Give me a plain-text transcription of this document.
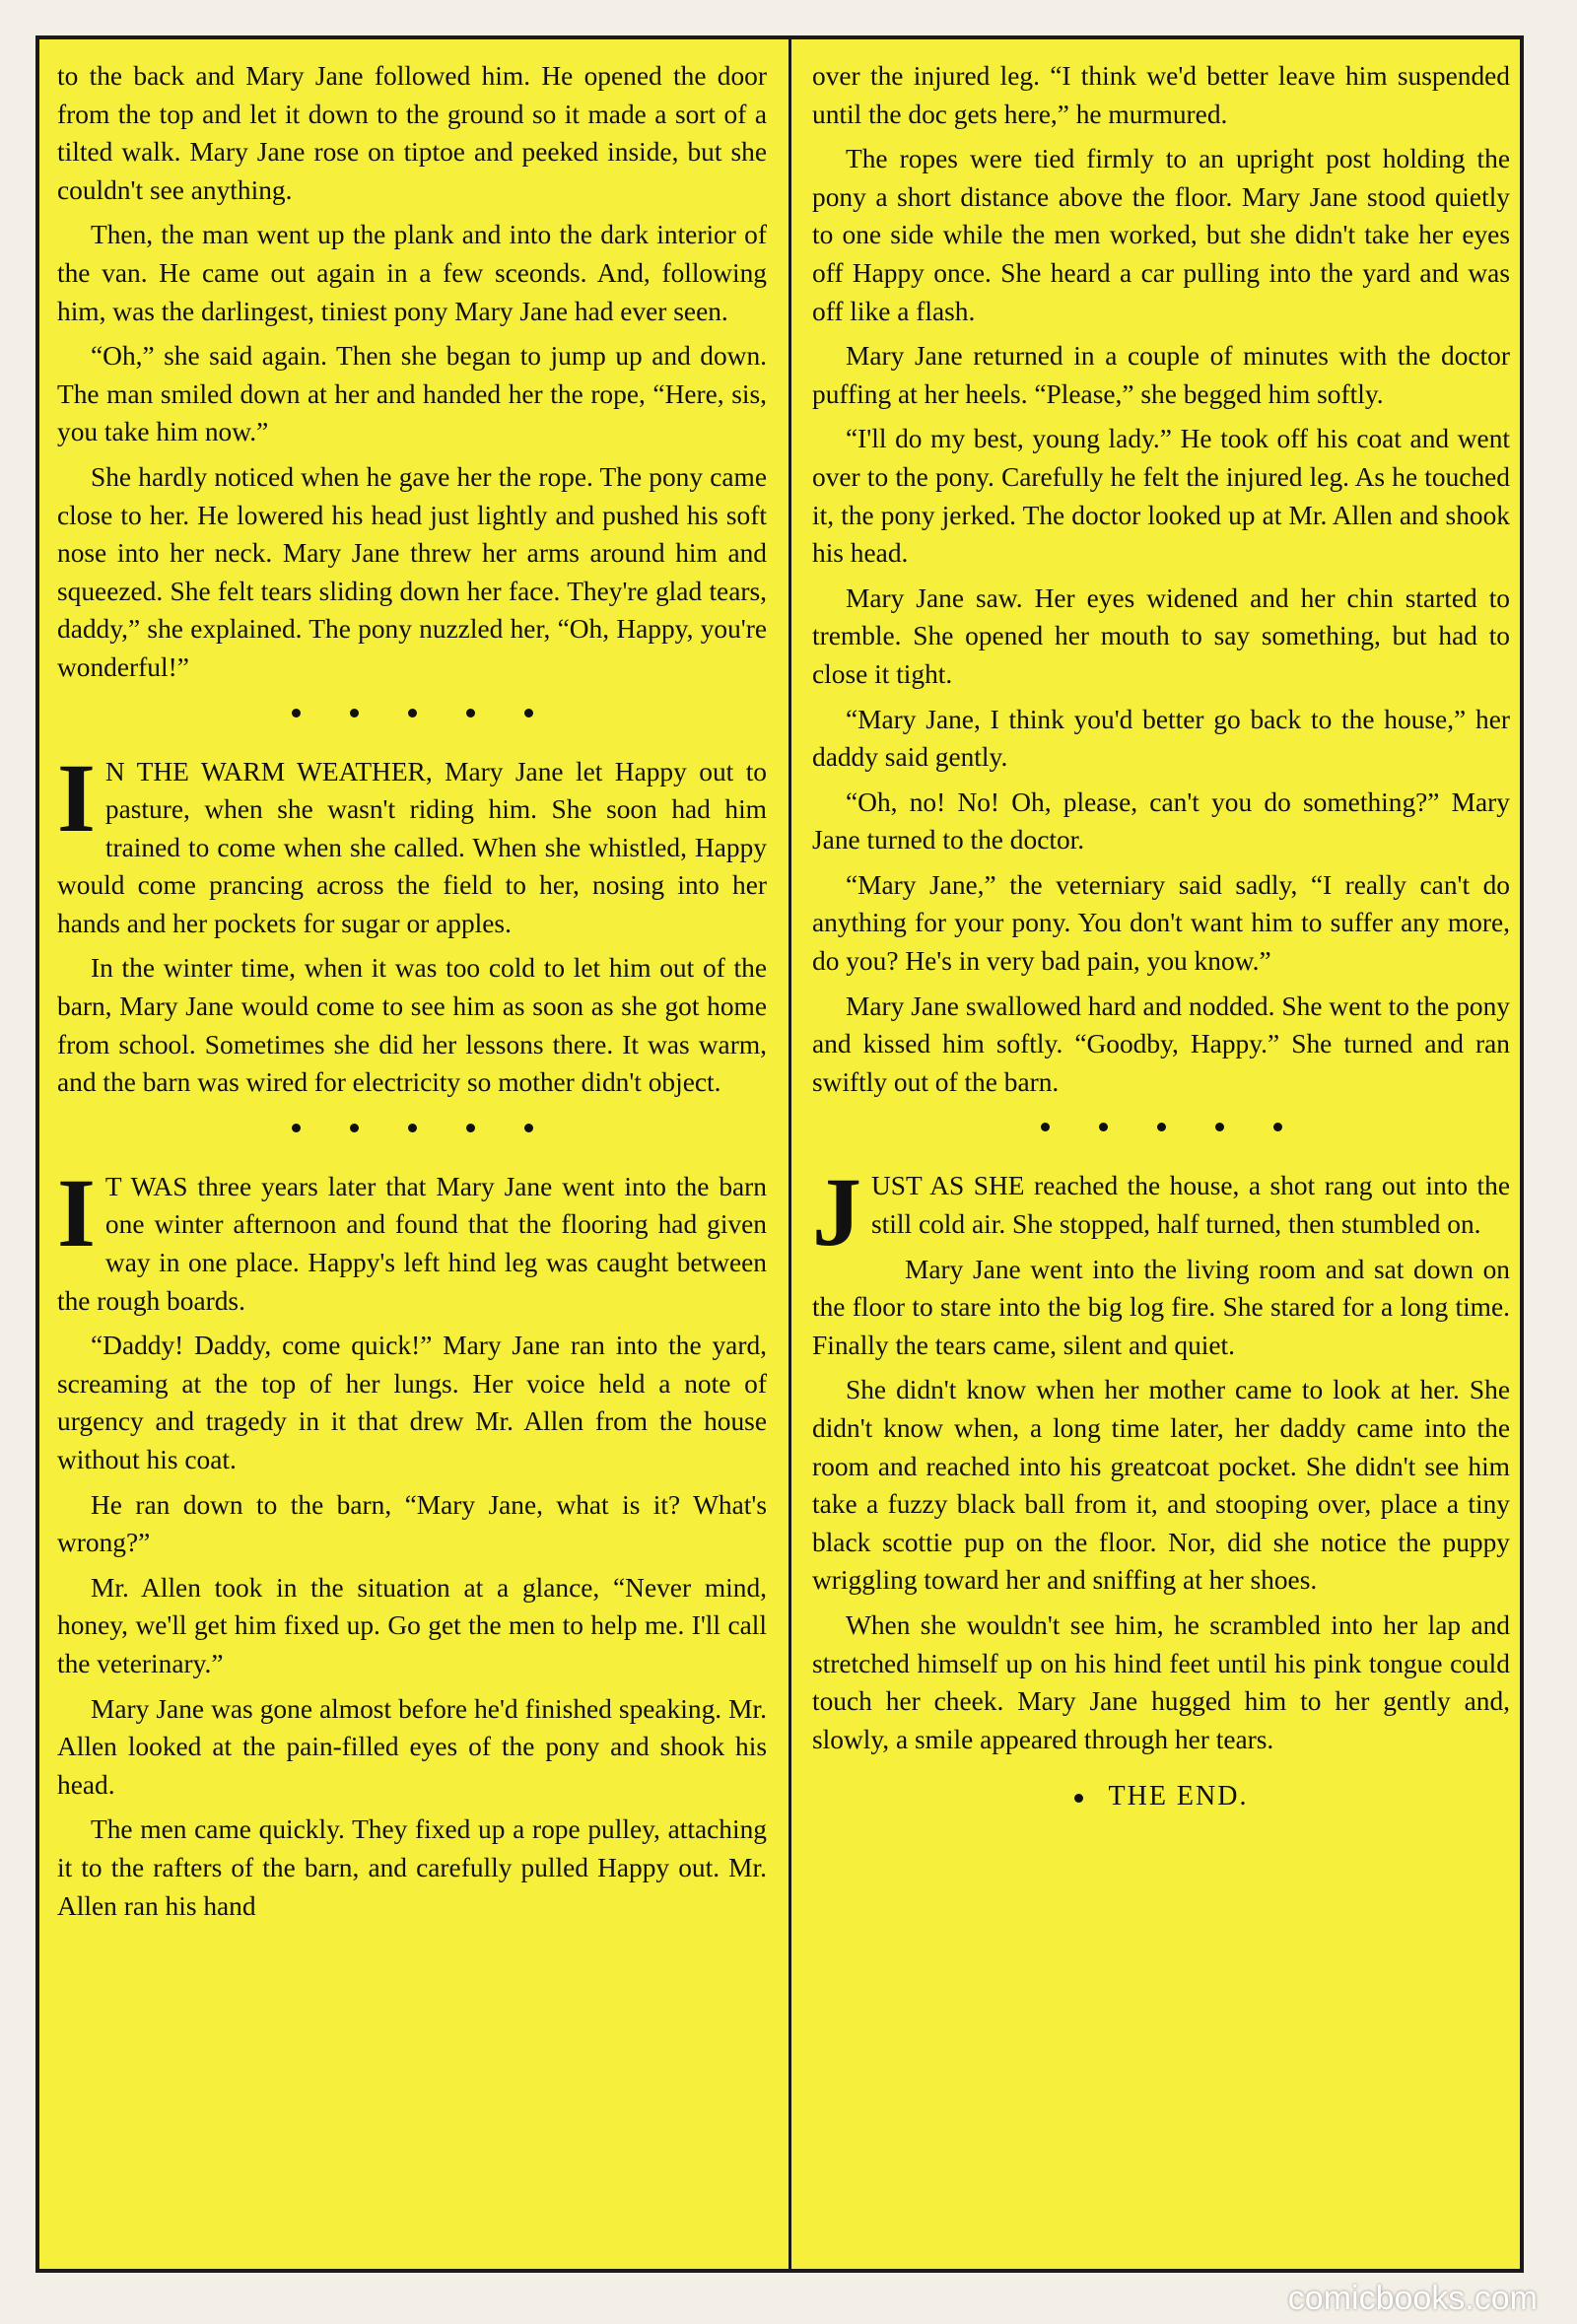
to the back and Mary Jane followed him. He opened the door from the top and let it down to the ground so it made a sort of a tilted walk. Mary Jane rose on tiptoe and peeked inside, but she couldn't see anything.

Then, the man went up the plank and into the dark interior of the van. He came out again in a few sceonds. And, following him, was the darlingest, tiniest pony Mary Jane had ever seen.

“Oh,” she said again. Then she began to jump up and down. The man smiled down at her and handed her the rope, “Here, sis, you take him now.”

She hardly noticed when he gave her the rope. The pony came close to her. He lowered his head just lightly and pushed his soft nose into her neck. Mary Jane threw her arms around him and squeezed. She felt tears sliding down her face. They're glad tears, daddy,” she explained. The pony nuzzled her, “Oh, Happy, you're wonderful!”

I N THE WARM WEATHER, Mary Jane let Happy out to pasture, when she wasn't riding him. She soon had him trained to come when she called. When she whistled, Happy would come prancing across the field to her, nosing into her hands and her pockets for sugar or apples.

In the winter time, when it was too cold to let him out of the barn, Mary Jane would come to see him as soon as she got home from school. Sometimes she did her lessons there. It was warm, and the barn was wired for electricity so mother didn't object.

I T WAS three years later that Mary Jane went into the barn one winter afternoon and found that the flooring had given way in one place. Happy's left hind leg was caught between the rough boards.

“Daddy! Daddy, come quick!” Mary Jane ran into the yard, screaming at the top of her lungs. Her voice held a note of urgency and tragedy in it that drew Mr. Allen from the house without his coat.

He ran down to the barn, “Mary Jane, what is it? What's wrong?”

Mr. Allen took in the situation at a glance, “Never mind, honey, we'll get him fixed up. Go get the men to help me. I'll call the veterinary.”

Mary Jane was gone almost before he'd finished speaking. Mr. Allen looked at the pain-filled eyes of the pony and shook his head.

The men came quickly. They fixed up a rope pulley, attaching it to the rafters of the barn, and carefully pulled Happy out. Mr. Allen ran his hand

over the injured leg. “I think we'd better leave him suspended until the doc gets here,” he murmured.

The ropes were tied firmly to an upright post holding the pony a short distance above the floor. Mary Jane stood quietly to one side while the men worked, but she didn't take her eyes off Happy once. She heard a car pulling into the yard and was off like a flash.

Mary Jane returned in a couple of minutes with the doctor puffing at her heels. “Please,” she begged him softly.

“I'll do my best, young lady.” He took off his coat and went over to the pony. Carefully he felt the injured leg. As he touched it, the pony jerked. The doctor looked up at Mr. Allen and shook his head.

Mary Jane saw. Her eyes widened and her chin started to tremble. She opened her mouth to say something, but had to close it tight.

“Mary Jane, I think you'd better go back to the house,” her daddy said gently.

“Oh, no! No! Oh, please, can't you do something?” Mary Jane turned to the doctor.

“Mary Jane,” the veterniary said sadly, “I really can't do anything for your pony. You don't want him to suffer any more, do you? He's in very bad pain, you know.”

Mary Jane swallowed hard and nodded. She went to the pony and kissed him softly. “Goodby, Happy.” She turned and ran swiftly out of the barn.

JUST AS SHE reached the house, a shot rang out into the still cold air. She stopped, half turned, then stumbled on.

Mary Jane went into the living room and sat down on the floor to stare into the big log fire. She stared for a long time. Finally the tears came, silent and quiet.

She didn't know when her mother came to look at her. She didn't know when, a long time later, her daddy came into the room and reached into his greatcoat pocket. She didn't see him take a fuzzy black ball from it, and stooping over, place a tiny black scottie pup on the floor. Nor, did she notice the puppy wriggling toward her and sniffing at her shoes.

When she wouldn't see him, he scrambled into her lap and stretched himself up on his hind feet until his pink tongue could touch her cheek. Mary Jane hugged him to her gently and, slowly, a smile appeared through her tears.

THE END.
comicbooks.com
